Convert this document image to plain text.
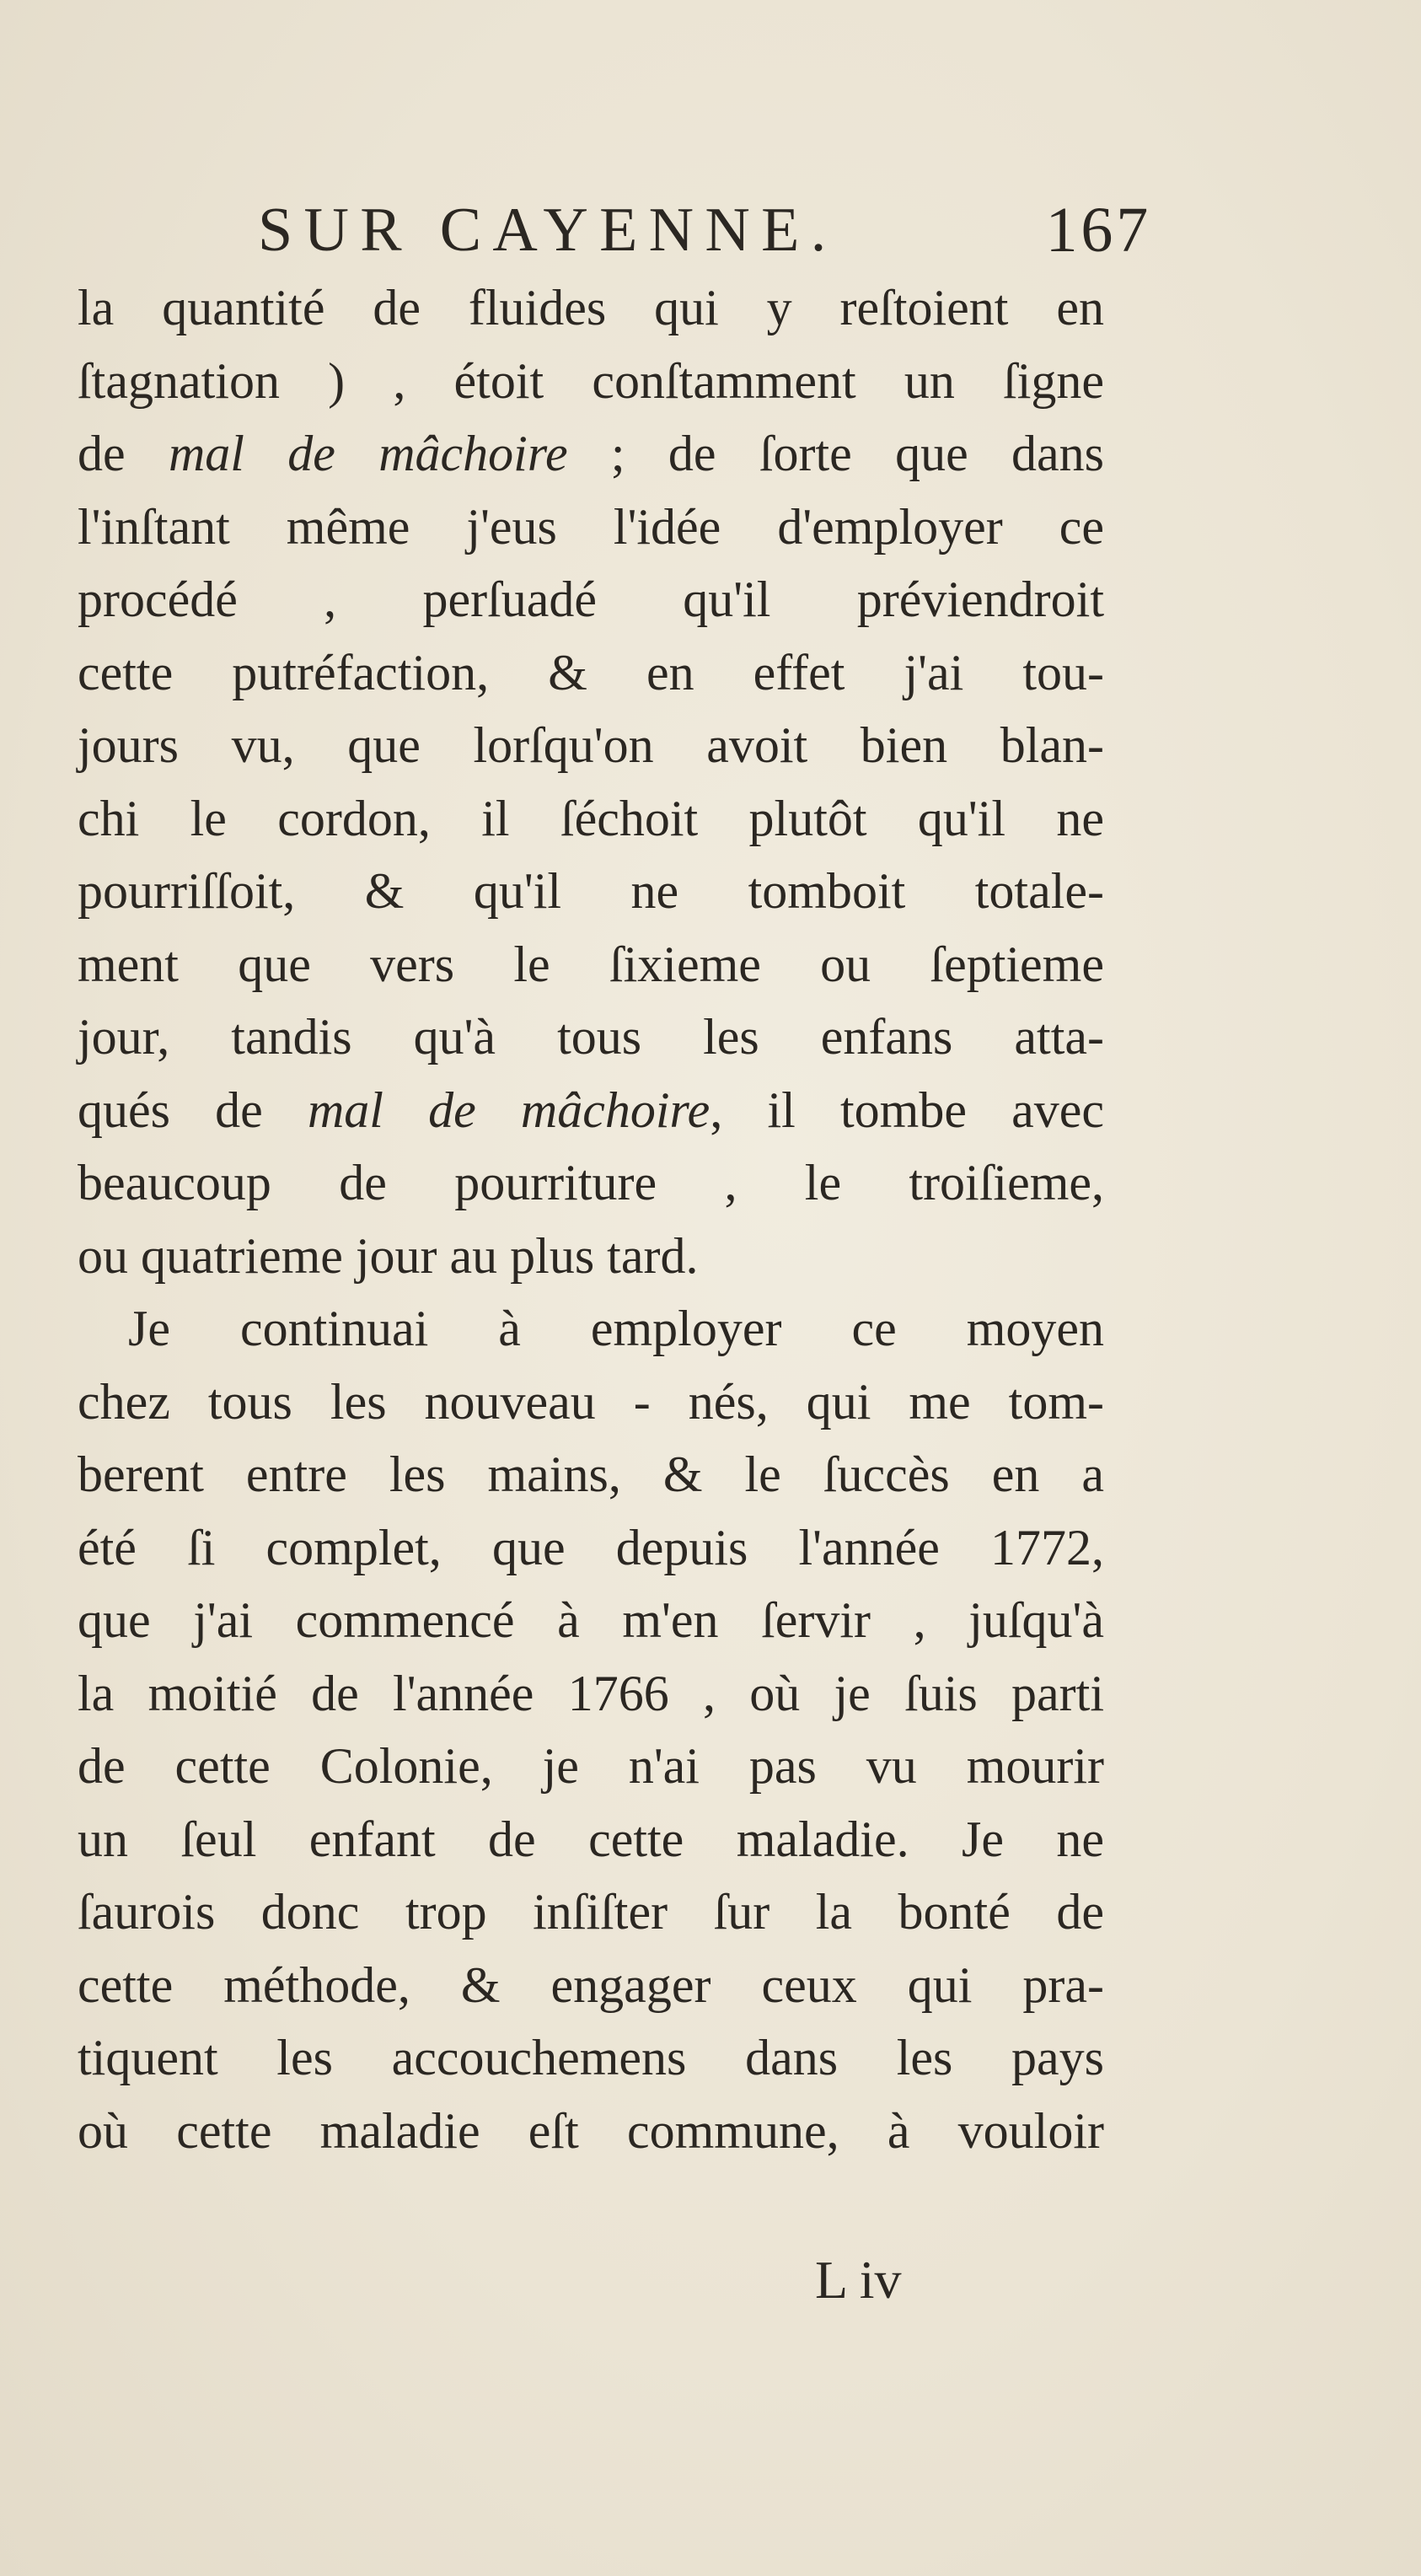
SUR CAYENNE.	167
la quantité de fluides qui y reſtoient en
ſtagnation ) , étoit conſtamment un ſigne
de mal de mâchoire ; de ſorte que dans
l'inſtant même j'eus l'idée d'employer ce
procédé , perſuadé qu'il préviendroit
cette putréfaction, & en effet j'ai tou-
jours vu, que lorſqu'on avoit bien blan-
chi le cordon, il ſéchoit plutôt qu'il ne
pourriſſoit, & qu'il ne tomboit totale-
ment que vers le ſixieme ou ſeptieme
jour, tandis qu'à tous les enfans atta-
qués de mal de mâchoire, il tombe avec
beaucoup de pourriture , le troiſieme,
ou quatrieme jour au plus tard.
Je continuai à employer ce moyen
chez tous les nouveau - nés, qui me tom-
berent entre les mains, & le ſuccès en a
été ſi complet, que depuis l'année 1772,
que j'ai commencé à m'en ſervir , juſqu'à
la moitié de l'année 1766 , où je ſuis parti
de cette Colonie, je n'ai pas vu mourir
un ſeul enfant de cette maladie. Je ne
ſaurois donc trop inſiſter ſur la bonté de
cette méthode, & engager ceux qui pra-
tiquent les accouchemens dans les pays
où cette maladie eſt commune, à vouloir
L iv
